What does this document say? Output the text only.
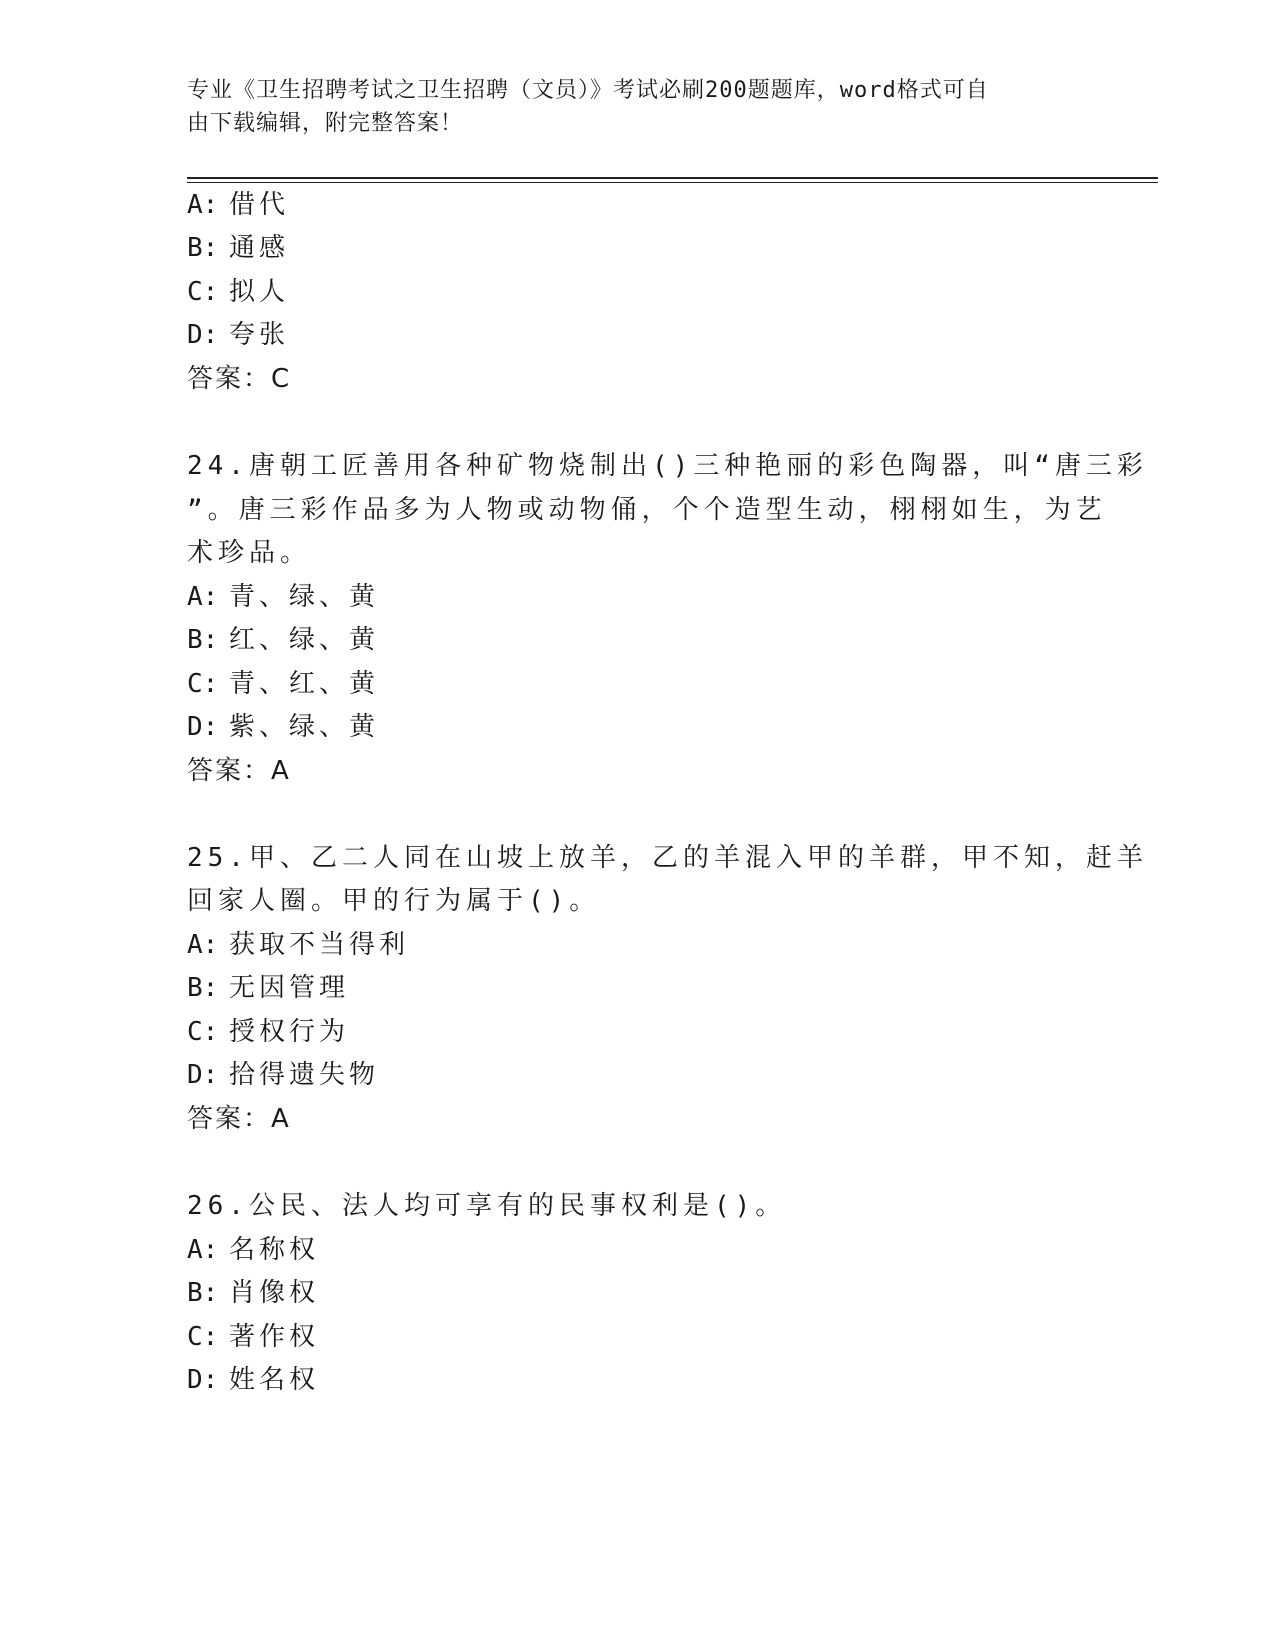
专业《卫生招聘考试之卫生招聘（文员）》考试必刷200题题库，word格式可自
由下载编辑，附完整答案！
A: 借代
B: 通感
C: 拟人
D: 夸张
答案：C
24.唐朝工匠善用各种矿物烧制出()三种艳丽的彩色陶器，叫“唐三彩
”。唐三彩作品多为人物或动物俑，个个造型生动，栩栩如生，为艺
术珍品。
A: 青、绿、黄
B: 红、绿、黄
C: 青、红、黄
D: 紫、绿、黄
答案：A
25.甲、乙二人同在山坡上放羊，乙的羊混入甲的羊群，甲不知，赶羊
回家人圈。甲的行为属于()。
A: 获取不当得利
B: 无因管理
C: 授权行为
D: 拾得遗失物
答案：A
26.公民、法人均可享有的民事权利是()。
A: 名称权
B: 肖像权
C: 著作权
D: 姓名权
